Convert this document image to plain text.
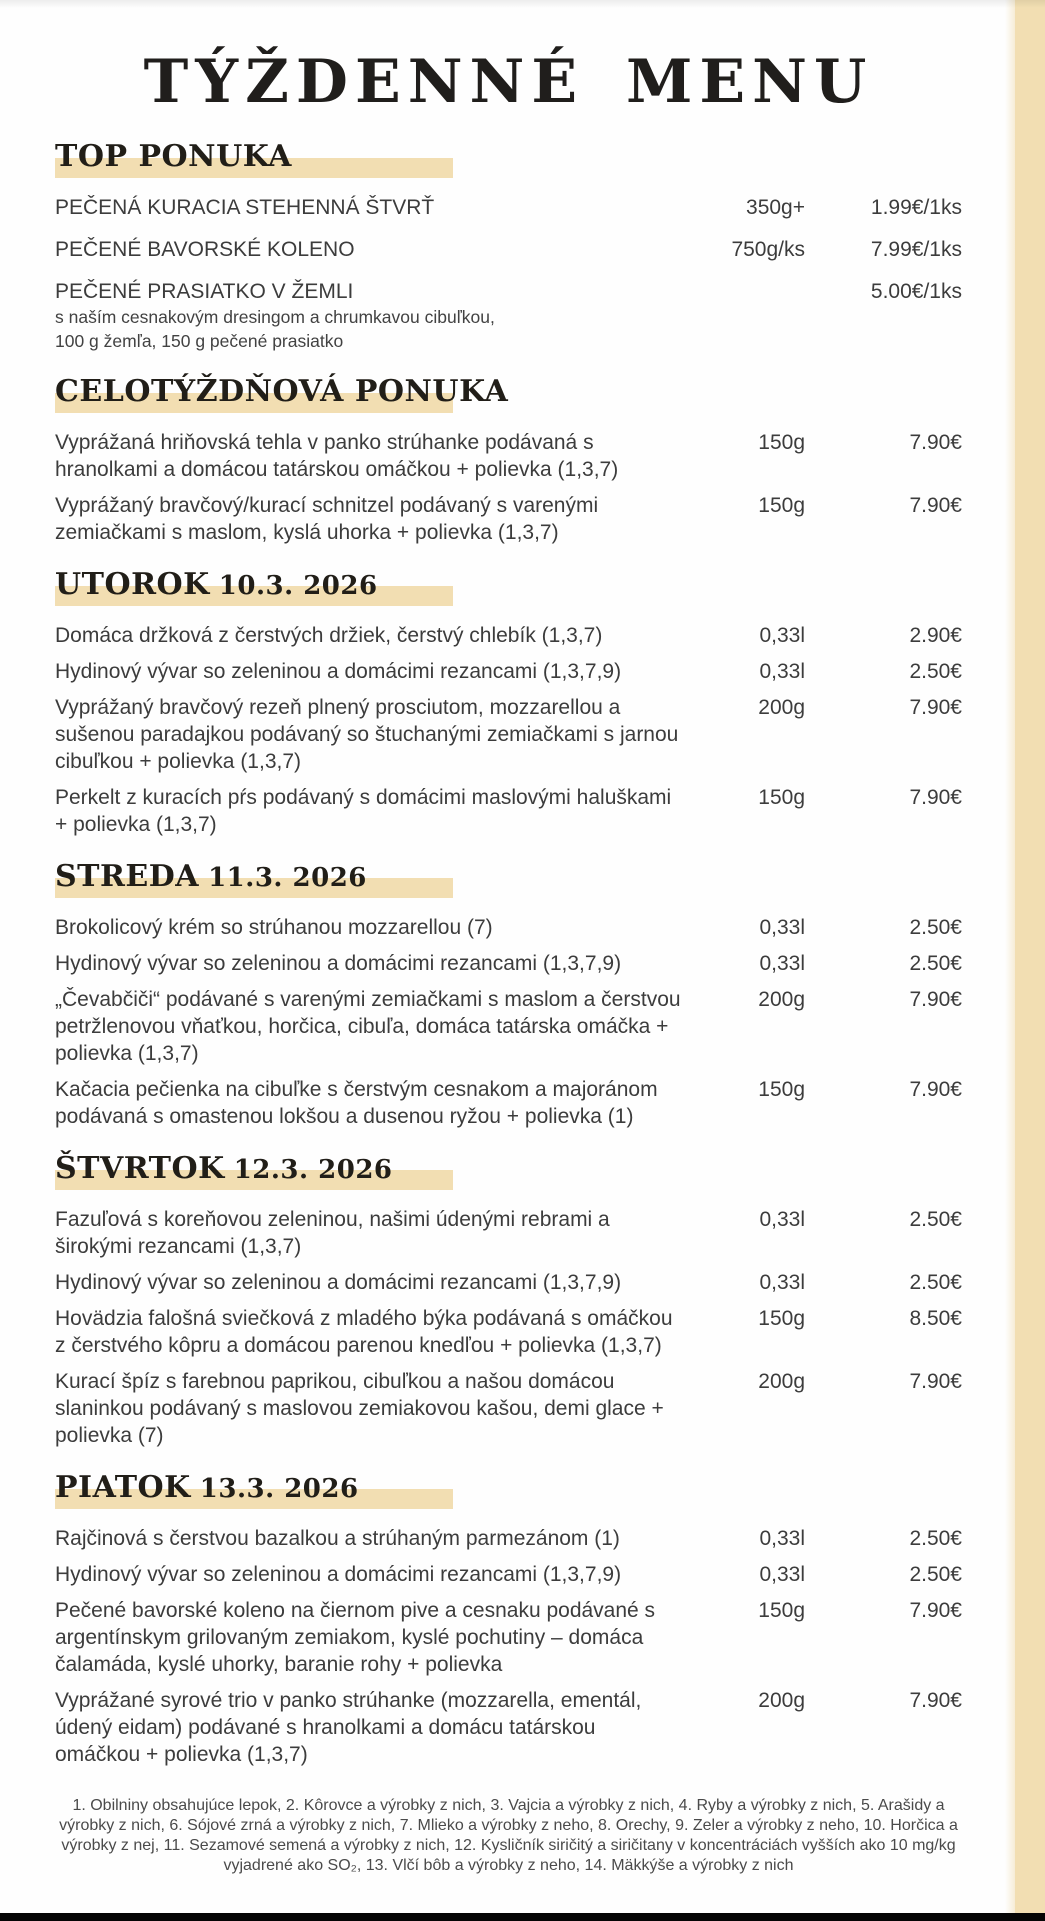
TÝŽDENNÉ MENU
TOP PONUKA
PEČENÁ KURACIA STEHENNÁ ŠTVRŤ	350g+	1.99€/1ks
PEČENÉ BAVORSKÉ KOLENO	750g/ks	7.99€/1ks
PEČENÉ PRASIATKO V ŽEMLI
s naším cesnakovým dresingom a chrumkavou cibuľkou,
100 g žemľa, 150 g pečené prasiatko
5.00€/1ks
CELOTÝŽDŇOVÁ PONUKA
Vyprážaná hriňovská tehla v panko strúhanke podávaná s hranolkami a domácou tatárskou omáčkou + polievka (1,3,7)
150g	7.90€
Vyprážaný bravčový/kurací schnitzel podávaný s varenými zemiačkami s maslom, kyslá uhorka + polievka (1,3,7)
150g	7.90€
UTOROK 10.3. 2026
Domáca držková z čerstvých držiek, čerstvý chlebík (1,3,7)	0,33l	2.90€
Hydinový vývar so zeleninou a domácimi rezancami (1,3,7,9)	0,33l	2.50€
Vyprážaný bravčový rezeň plnený prosciutom, mozzarellou a sušenou paradajkou podávaný so štuchanými zemiačkami s jarnou cibuľkou + polievka (1,3,7)
200g	7.90€
Perkelt z kuracích pŕs podávaný s domácimi maslovými haluškami + polievka (1,3,7)
150g	7.90€
STREDA 11.3. 2026
Brokolicový krém so strúhanou mozzarellou (7)	0,33l	2.50€
Hydinový vývar so zeleninou a domácimi rezancami (1,3,7,9)	0,33l	2.50€
„Čevabčiči“ podávané s varenými zemiačkami s maslom a čerstvou petržlenovou vňaťkou, horčica, cibuľa, domáca tatárska omáčka + polievka (1,3,7)
200g	7.90€
Kačacia pečienka na cibuľke s čerstvým cesnakom a majoránom podávaná s omastenou lokšou a dusenou ryžou + polievka (1)
150g	7.90€
ŠTVRTOK 12.3. 2026
Fazuľová s koreňovou zeleninou, našimi údenými rebrami a širokými rezancami (1,3,7)
0,33l	2.50€
Hydinový vývar so zeleninou a domácimi rezancami (1,3,7,9)	0,33l	2.50€
Hovädzia falošná sviečková z mladého býka podávaná s omáčkou z čerstvého kôpru a domácou parenou knedľou + polievka (1,3,7)
150g	8.50€
Kurací špíz s farebnou paprikou, cibuľkou a našou domácou slaninkou podávaný s maslovou zemiakovou kašou, demi glace + polievka (7)
200g	7.90€
PIATOK 13.3. 2026
Rajčinová s čerstvou bazalkou a strúhaným parmezánom (1)	0,33l	2.50€
Hydinový vývar so zeleninou a domácimi rezancami (1,3,7,9)	0,33l	2.50€
Pečené bavorské koleno na čiernom pive a cesnaku podávané s argentínskym grilovaným zemiakom, kyslé pochutiny – domáca čalamáda, kyslé uhorky, baranie rohy + polievka
150g	7.90€
Vyprážané syrové trio v panko strúhanke (mozzarella, ementál, údený eidam) podávané s hranolkami a domácu tatárskou omáčkou + polievka (1,3,7)
200g	7.90€
1. Obilniny obsahujúce lepok, 2. Kôrovce a výrobky z nich, 3. Vajcia a výrobky z nich, 4. Ryby a výrobky z nich, 5. Arašidy a výrobky z nich, 6. Sójové zrná a výrobky z nich, 7. Mlieko a výrobky z neho, 8. Orechy, 9. Zeler a výrobky z neho, 10. Horčica a výrobky z nej, 11. Sezamové semená a výrobky z nich, 12. Kysličník siričitý a siričitany v koncentráciách vyšších ako 10 mg/kg vyjadrené ako SO₂, 13. Vlčí bôb a výrobky z neho, 14. Mäkkýše a výrobky z nich
